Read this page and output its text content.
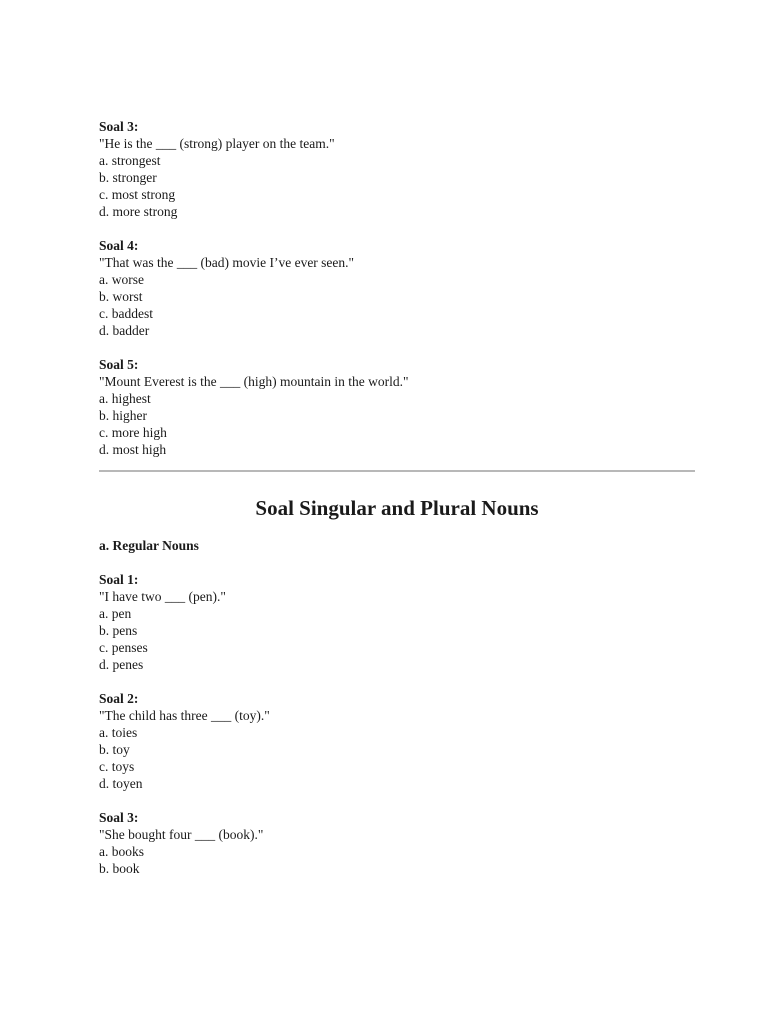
Soal 3:
"He is the ___ (strong) player on the team."
a. strongest
b. stronger
c. most strong
d. more strong
Soal 4:
"That was the ___ (bad) movie I’ve ever seen."
a. worse
b. worst
c. baddest
d. badder
Soal 5:
"Mount Everest is the ___ (high) mountain in the world."
a. highest
b. higher
c. more high
d. most high
Soal Singular and Plural Nouns
a. Regular Nouns
Soal 1:
"I have two ___ (pen)."
a. pen
b. pens
c. penses
d. penes
Soal 2:
"The child has three ___ (toy)."
a. toies
b. toy
c. toys
d. toyen
Soal 3:
"She bought four ___ (book)."
a. books
b. book
